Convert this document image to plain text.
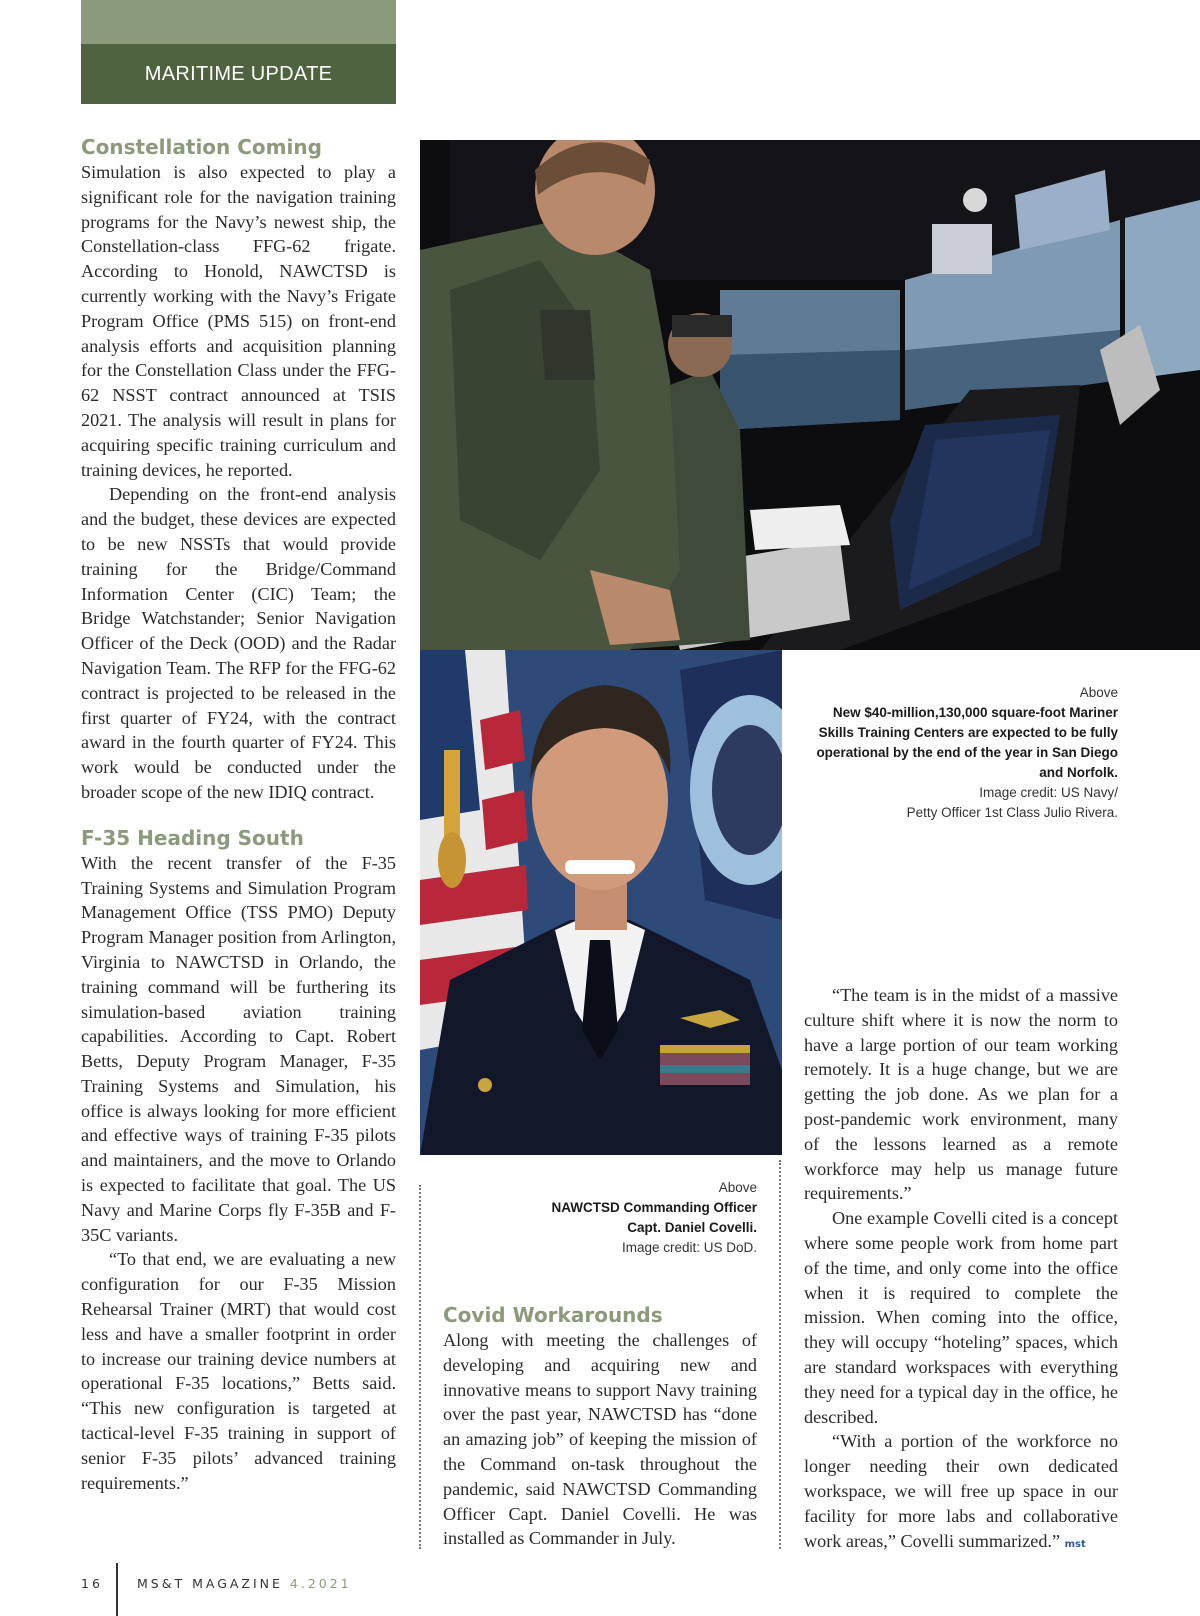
MARITIME UPDATE
Constellation Coming

Simulation is also expected to play a significant role for the navigation training programs for the Navy’s newest ship, the Constellation-class FFG-62 frigate. According to Honold, NAWCTSD is currently working with the Navy’s Frigate Program Office (PMS 515) on front-end analysis efforts and acquisition planning for the Constellation Class under the FFG-62 NSST contract announced at TSIS 2021. The analysis will result in plans for acquiring specific training curriculum and training devices, he reported.

Depending on the front-end analysis and the budget, these devices are expected to be new NSSTs that would provide training for the Bridge/Command Information Center (CIC) Team; the Bridge Watchstander; Senior Navigation Officer of the Deck (OOD) and the Radar Navigation Team. The RFP for the FFG-62 contract is projected to be released in the first quarter of FY24, with the contract award in the fourth quarter of FY24. This work would be conducted under the broader scope of the new IDIQ contract.

F-35 Heading South

With the recent transfer of the F-35 Training Systems and Simulation Program Management Office (TSS PMO) Deputy Program Manager position from Arlington, Virginia to NAWCTSD in Orlando, the training command will be furthering its simulation-based aviation training capabilities. According to Capt. Robert Betts, Deputy Program Manager, F-35 Training Systems and Simulation, his office is always looking for more efficient and effective ways of training F-35 pilots and maintainers, and the move to Orlando is expected to facilitate that goal. The US Navy and Marine Corps fly F-35B and F-35C variants.

“To that end, we are evaluating a new configuration for our F-35 Mission Rehearsal Trainer (MRT) that would cost less and have a smaller footprint in order to increase our training device numbers at operational F-35 locations,” Betts said. “This new configuration is targeted at tactical-level F-35 training in support of senior F-35 pilots’ advanced training requirements.”

Above
New $40-million,130,000 square-foot Mariner Skills Training Centers are expected to be fully operational by the end of the year in San Diego and Norfolk.
Image credit: US Navy/
Petty Officer 1st Class Julio Rivera.
Above
NAWCTSD Commanding Officer
Capt. Daniel Covelli.
Image credit: US DoD.
Covid Workarounds

Along with meeting the challenges of developing and acquiring new and innovative means to support Navy training over the past year, NAWCTSD has “done an amazing job” of keeping the mission of the Command on-task throughout the pandemic, said NAWCTSD Commanding Officer Capt. Daniel Covelli. He was installed as Commander in July.

“The team is in the midst of a massive culture shift where it is now the norm to have a large portion of our team working remotely. It is a huge change, but we are getting the job done. As we plan for a post-pandemic work environment, many of the lessons learned as a remote workforce may help us manage future requirements.”

One example Covelli cited is a concept where some people work from home part of the time, and only come into the office when it is required to complete the mission. When coming into the office, they will occupy “hoteling” spaces, which are standard workspaces with everything they need for a typical day in the office, he described.

“With a portion of the workforce no longer needing their own dedicated workspace, we will free up space in our facility for more labs and collaborative work areas,” Covelli summarized.” mst

16	MS&T MAGAZINE 4.2021
